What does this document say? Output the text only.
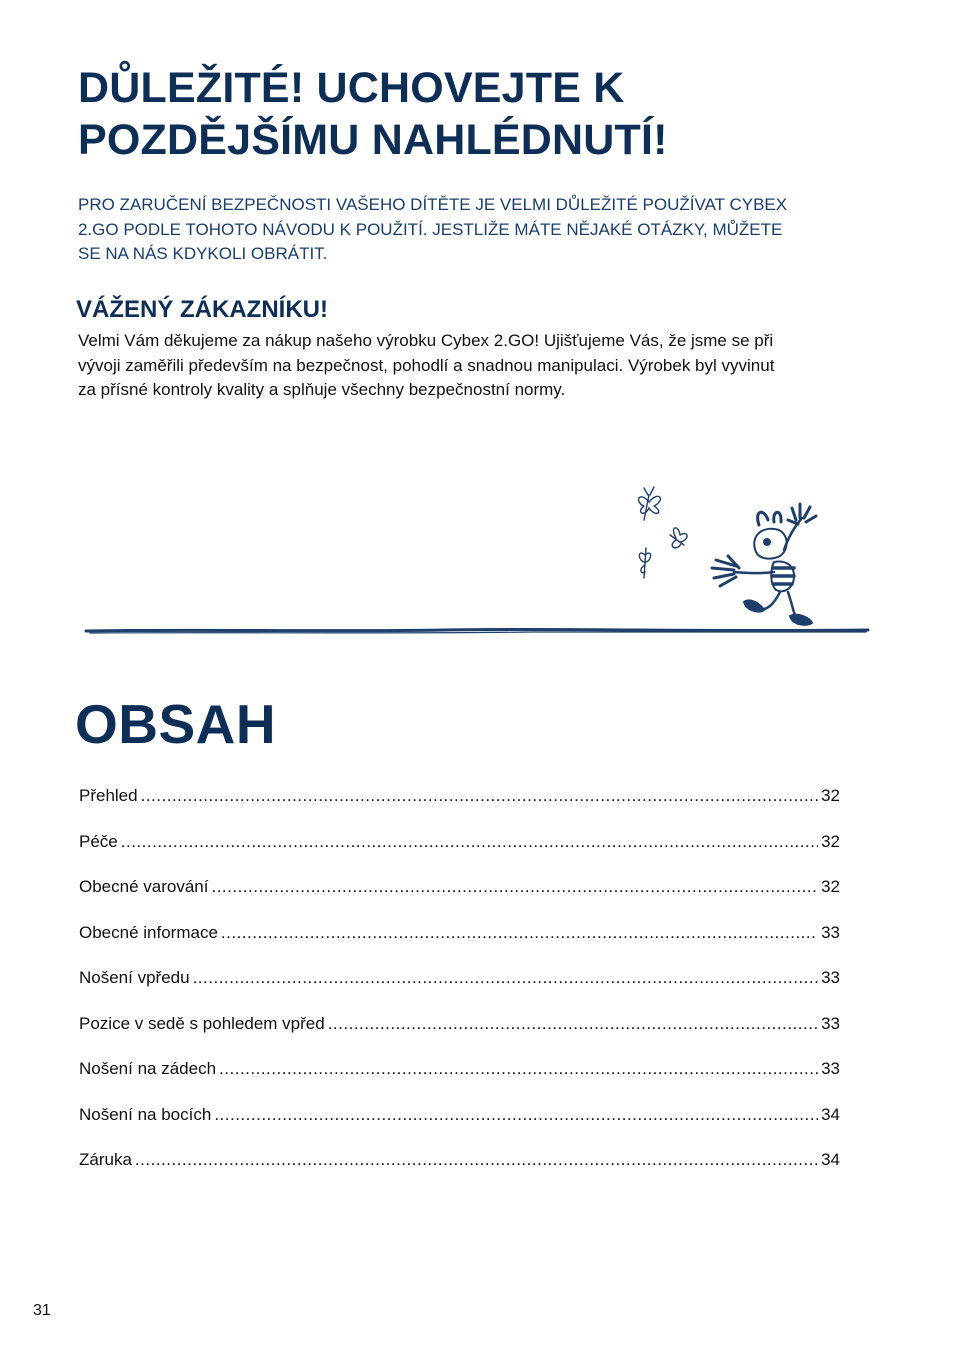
DŮLEŽITÉ! UCHOVEJTE K
POZDĚJŠÍMU NAHLÉDNUTÍ!
PRO ZARUČENÍ BEZPEČNOSTI VAŠEHO DÍTĚTE JE VELMI DŮLEŽITÉ POUŽÍVAT CYBEX
2.GO PODLE TOHOTO NÁVODU K POUŽITÍ. JESTLIŽE MÁTE NĚJAKÉ OTÁZKY, MŮŽETE
SE NA NÁS KDYKOLI OBRÁTIT.
VÁŽENÝ ZÁKAZNÍKU!
Velmi Vám děkujeme za nákup našeho výrobku Cybex 2.GO! Ujišťujeme Vás, že jsme se při
vývoji zaměřili především na bezpečnost, pohodlí a snadnou manipulaci. Výrobek byl vyvinut
za přísné kontroly kvality a splňuje všechny bezpečnostní normy.
OBSAH
Přehled .....	32
Péče .....	32
Obecné varování .....	32
Obecné informace .....	33
Nošení vpředu .....	33
Pozice v sedě s pohledem vpřed .....	33
Nošení na zádech .....	33
Nošení na bocích .....	34
Záruka .....	34
31
